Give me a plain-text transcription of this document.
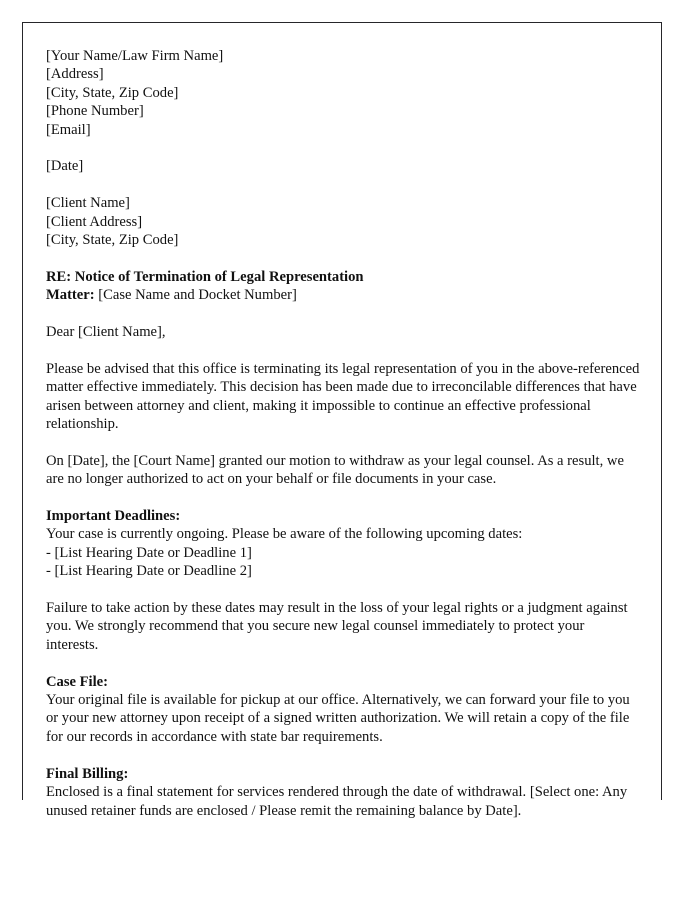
[Your Name/Law Firm Name]
[Address]
[City, State, Zip Code]
[Phone Number]
[Email]
[Date]
[Client Name]
[Client Address]
[City, State, Zip Code]
RE: Notice of Termination of Legal Representation
Matter: [Case Name and Docket Number]
Dear [Client Name],

Please be advised that this office is terminating its legal representation of you in the above-referenced matter effective immediately. This decision has been made due to irreconcilable differences that have arisen between attorney and client, making it impossible to continue an effective professional relationship.

On [Date], the [Court Name] granted our motion to withdraw as your legal counsel. As a result, we are no longer authorized to act on your behalf or file documents in your case.

Important Deadlines:
Your case is currently ongoing. Please be aware of the following upcoming dates:
- [List Hearing Date or Deadline 1]
- [List Hearing Date or Deadline 2]

Failure to take action by these dates may result in the loss of your legal rights or a judgment against you. We strongly recommend that you secure new legal counsel immediately to protect your interests.

Case File:

Your original file is available for pickup at our office. Alternatively, we can forward your file to you or your new attorney upon receipt of a signed written authorization. We will retain a copy of the file for our records in accordance with state bar requirements.

Final Billing:

Enclosed is a final statement for services rendered through the date of withdrawal. [Select one: Any unused retainer funds are enclosed / Please remit the remaining balance by Date].
